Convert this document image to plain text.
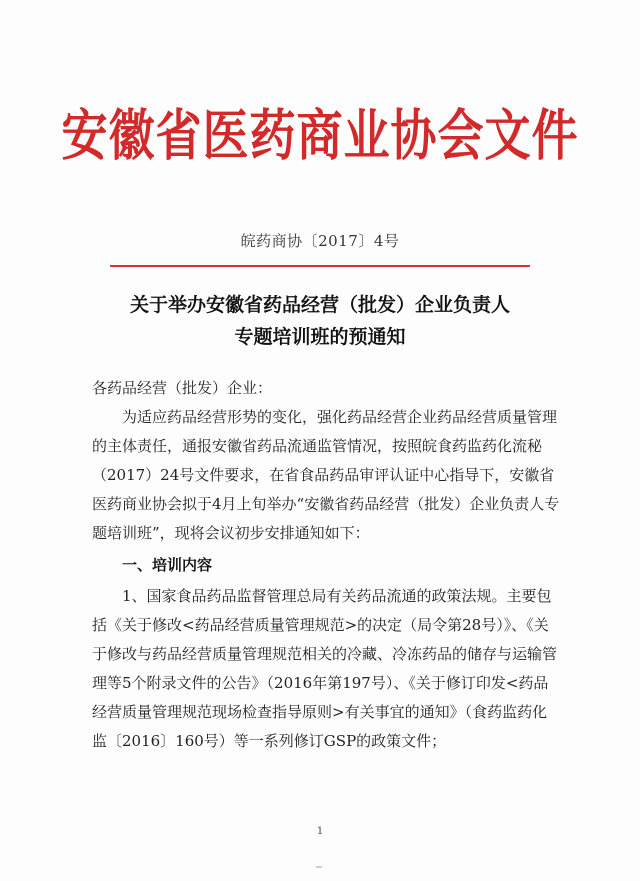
安徽省医药商业协会文件
皖药商协〔2017〕4号
关于举办安徽省药品经营（批发）企业负责人
专题培训班的预通知
各药品经营（批发）企业：
为适应药品经营形势的变化，强化药品经营企业药品经营质量管理的主体责任，通报安徽省药品流通监管情况，按照皖食药监药化流秘（2017）24号文件要求，在省食品药品审评认证中心指导下，安徽省医药商业协会拟于4月上旬举办“安徽省药品经营（批发）企业负责人专题培训班”，现将会议初步安排通知如下：
一、培训内容
1、国家食品药品监督管理总局有关药品流通的政策法规。主要包括《关于修改<药品经营质量管理规范>的决定（局令第28号）》、《关于修改与药品经营质量管理规范相关的冷藏、冷冻药品的储存与运输管理等5个附录文件的公告》（2016年第197号）、《关于修订印发<药品经营质量管理规范现场检查指导原则>有关事宜的通知》（食药监药化监〔2016〕160号）等一系列修订GSP的政策文件；
1
